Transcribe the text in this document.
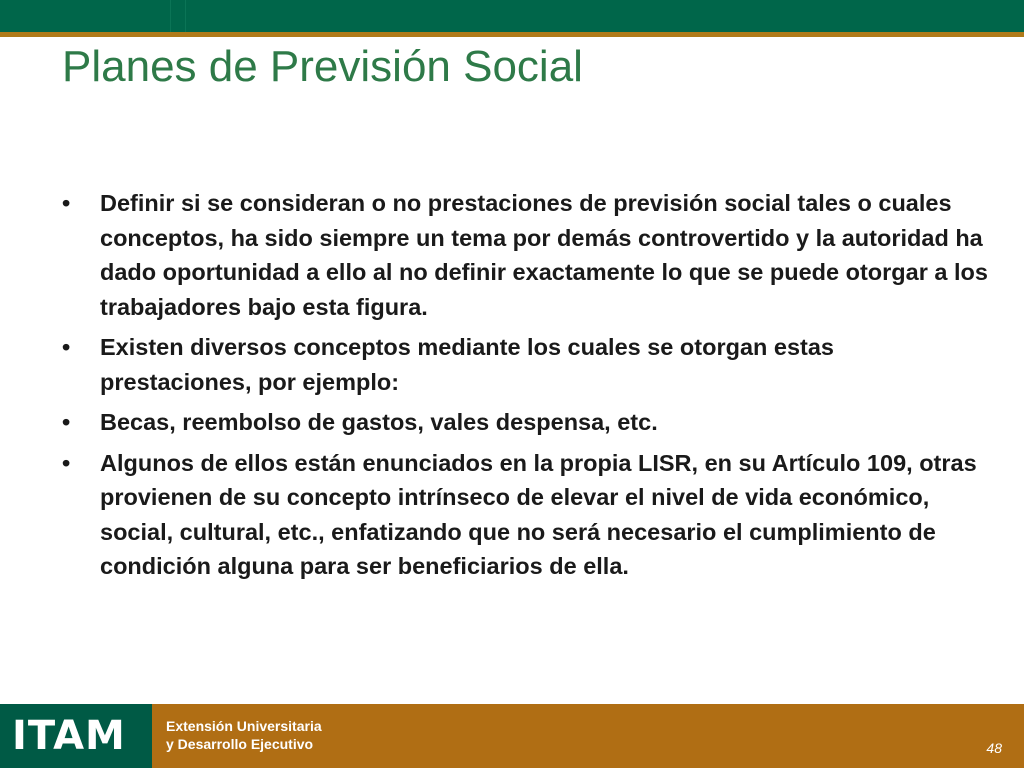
Planes de Previsión Social
•	Definir si se consideran o no prestaciones de previsión social tales o cuales conceptos, ha sido siempre un tema por demás controvertido y la autoridad ha dado oportunidad a ello al no definir exactamente lo que se puede otorgar a los trabajadores bajo esta figura.
•	Existen diversos conceptos mediante los cuales se otorgan estas prestaciones, por ejemplo:
•	Becas, reembolso de gastos, vales despensa, etc.
•	Algunos de ellos están enunciados en la propia LISR, en su Artículo 109, otras provienen de su concepto intrínseco de elevar el nivel de vida económico, social, cultural, etc., enfatizando que no será necesario el cumplimiento de condición alguna para ser beneficiarios de ella.
ITAM	Extensión Universitaria
y Desarrollo Ejecutivo	48
